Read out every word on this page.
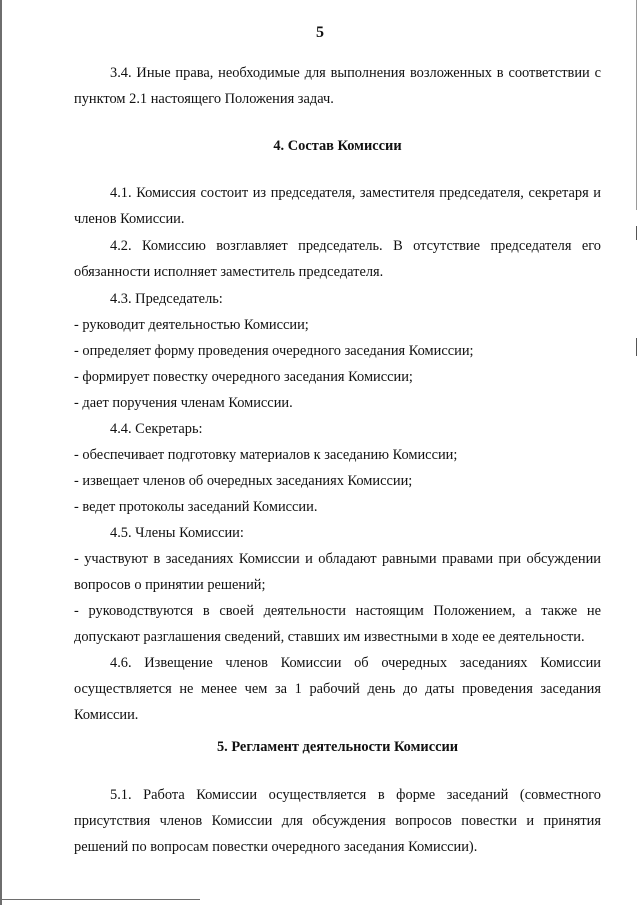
5

3.4. Иные права, необходимые для выполнения возложенных в соответствии с пунктом 2.1 настоящего Положения задач.

4. Состав Комиссии

4.1. Комиссия состоит из председателя, заместителя председателя, секретаря и членов Комиссии.

4.2. Комиссию возглавляет председатель. В отсутствие председателя его обязанности исполняет заместитель председателя.

4.3. Председатель:

- руководит деятельностью Комиссии;

- определяет форму проведения очередного заседания Комиссии;

- формирует повестку очередного заседания Комиссии;

- дает поручения членам Комиссии.

4.4. Секретарь:

- обеспечивает подготовку материалов к заседанию Комиссии;

- извещает членов об очередных заседаниях Комиссии;

- ведет протоколы заседаний Комиссии.

4.5. Члены Комиссии:

- участвуют в заседаниях Комиссии и обладают равными правами при обсуждении вопросов о принятии решений;

- руководствуются в своей деятельности настоящим Положением, а также не допускают разглашения сведений, ставших им известными в ходе ее деятельности.

4.6. Извещение членов Комиссии об очередных заседаниях Комиссии осуществляется не менее чем за 1 рабочий день до даты проведения заседания Комиссии.

5. Регламент деятельности Комиссии

5.1. Работа Комиссии осуществляется в форме заседаний (совместного присутствия членов Комиссии для обсуждения вопросов повестки и принятия решений по вопросам повестки очередного заседания Комиссии).
